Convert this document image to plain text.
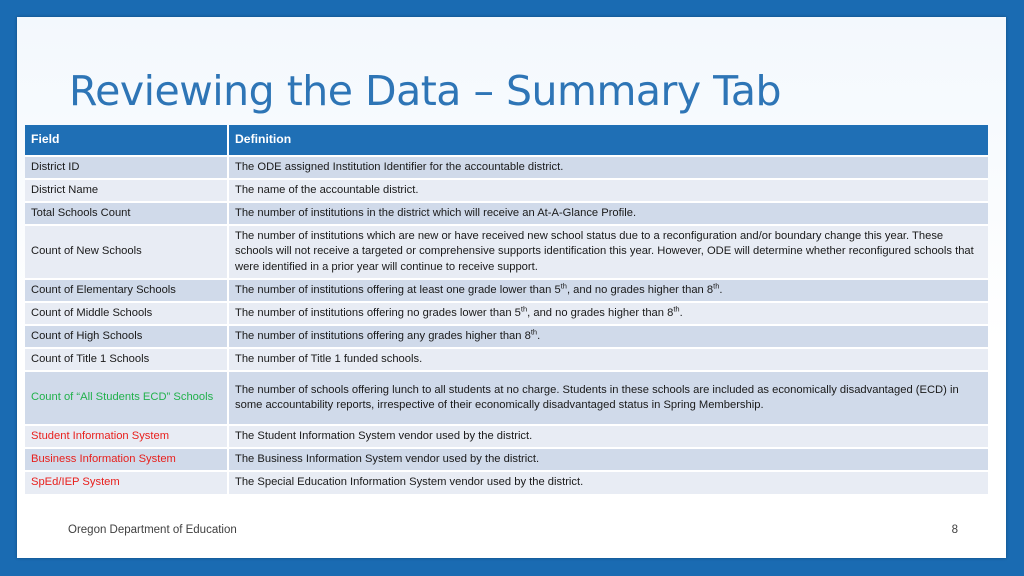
Reviewing the Data – Summary Tab
Field	Definition
District ID	The ODE assigned Institution Identifier for the accountable district.
District Name	The name of the accountable district.
Total Schools Count	The number of institutions in the district which will receive an At-A-Glance Profile.
Count of New Schools	The number of institutions which are new or have received new school status due to a reconfiguration and/or boundary change this year. These schools will not receive a targeted or comprehensive supports identification this year. However, ODE will determine whether reconfigured schools that were identified in a prior year will continue to receive support.
Count of Elementary Schools	The number of institutions offering at least one grade lower than 5th, and no grades higher than 8th.
Count of Middle Schools	The number of institutions offering no grades lower than 5th, and no grades higher than 8th.
Count of High Schools	The number of institutions offering any grades higher than 8th.
Count of Title 1 Schools	The number of Title 1 funded schools.
Count of “All Students ECD” Schools	The number of schools offering lunch to all students at no charge. Students in these schools are included as economically disadvantaged (ECD) in some accountability reports, irrespective of their economically disadvantaged status in Spring Membership.
Student Information System	The Student Information System vendor used by the district.
Business Information System	The Business Information System vendor used by the district.
SpEd/IEP System	The Special Education Information System vendor used by the district.
Oregon Department of Education	8
